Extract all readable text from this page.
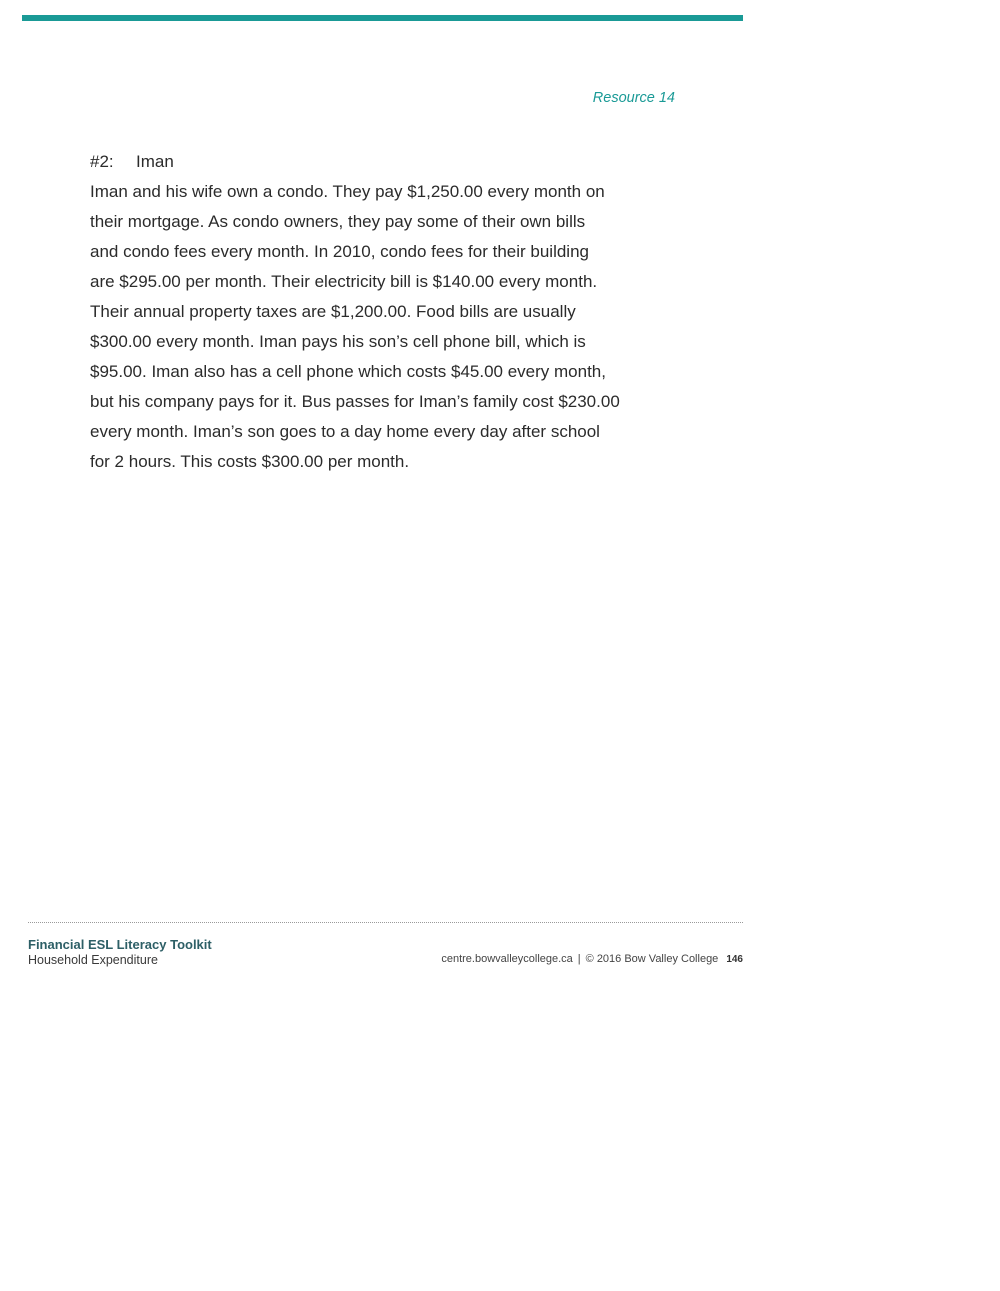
Resource 14
#2: Iman
Iman and his wife own a condo. They pay $1,250.00 every month on
their mortgage. As condo owners, they pay some of their own bills
and condo fees every month. In 2010, condo fees for their building
are $295.00 per month. Their electricity bill is $140.00 every month.
Their annual property taxes are $1,200.00. Food bills are usually
$300.00 every month. Iman pays his son’s cell phone bill, which is
$95.00. Iman also has a cell phone which costs $45.00 every month,
but his company pays for it. Bus passes for Iman’s family cost $230.00
every month. Iman’s son goes to a day home every day after school
for 2 hours. This costs $300.00 per month.
Financial ESL Literacy Toolkit
Household Expenditure	centre.bowvalleycollege.ca | © 2016 Bow Valley College 146
